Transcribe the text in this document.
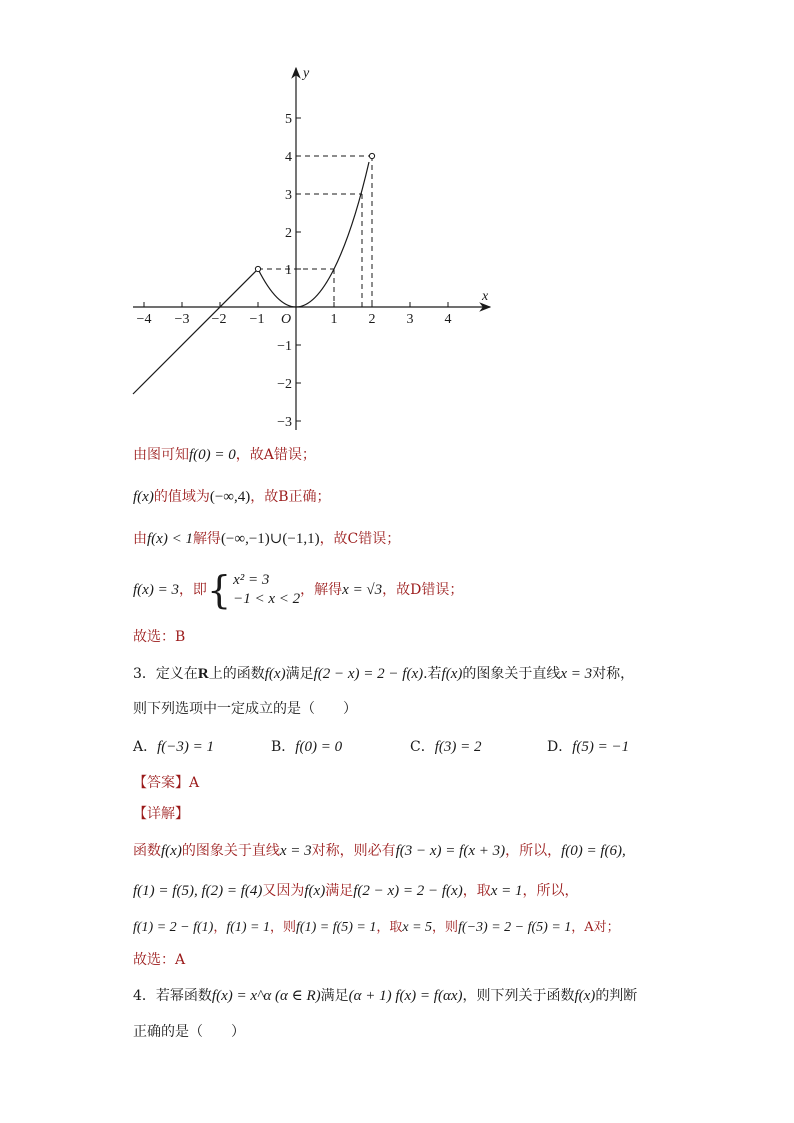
x
y
O
−4 −3 −2 −1	1 2 3 4
5
4
3
2
1
−1
−2
−3
由图可知f(0) = 0，故A错误；
f(x)的值域为(−∞,4)，故B正确；
由f(x) < 1解得(−∞,−1)∪(−1,1)，故C错误；
f(x) = 3，即 { x² = 3
−1 < x < 2
，解得x = √3，故D错误；
故选：B
3．定义在R上的函数f(x)满足f(2 − x) = 2 − f(x).若f(x)的图象关于直线x = 3对称，
则下列选项中一定成立的是（　　）
A．f(−3) = 1	B．f(0) = 0	C．f(3) = 2	D．f(5) = −1
【答案】A
【详解】
函数f(x)的图象关于直线x = 3对称，则必有f(3 − x) = f(x + 3)，所以，f(0) = f(6),
f(1) = f(5), f(2) = f(4)又因为f(x)满足f(2 − x) = 2 − f(x)，取x = 1，所以，
f(1) = 2 − f(1)，f(1) = 1，则f(1) = f(5) = 1，取x = 5，则f(−3) = 2 − f(5) = 1，A对；
故选：A
4．若幂函数f(x) = x^α (α ∈ R)满足(α + 1) f(x) = f(αx)，则下列关于函数f(x)的判断
正确的是（　　）
